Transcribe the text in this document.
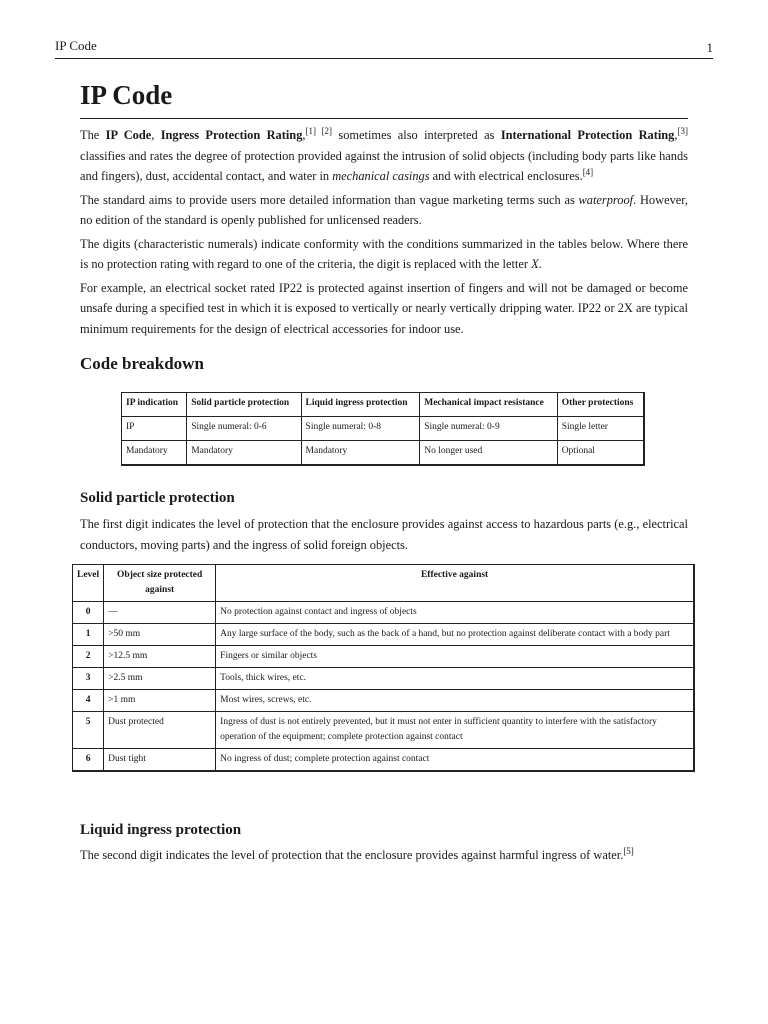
IP Code	1
IP Code

The IP Code, Ingress Protection Rating,[1] [2] sometimes also interpreted as International Protection Rating,[3] classifies and rates the degree of protection provided against the intrusion of solid objects (including body parts like hands and fingers), dust, accidental contact, and water in mechanical casings and with electrical enclosures.[4]

The standard aims to provide users more detailed information than vague marketing terms such as waterproof. However, no edition of the standard is openly published for unlicensed readers.

The digits (characteristic numerals) indicate conformity with the conditions summarized in the tables below. Where there is no protection rating with regard to one of the criteria, the digit is replaced with the letter X.

For example, an electrical socket rated IP22 is protected against insertion of fingers and will not be damaged or become unsafe during a specified test in which it is exposed to vertically or nearly vertically dripping water. IP22 or 2X are typical minimum requirements for the design of electrical accessories for indoor use.

Code breakdown
IP indication	Solid particle protection	Liquid ingress protection	Mechanical impact resistance	Other protections
IP	Single numeral: 0-6	Single numeral: 0-8	Single numeral: 0-9	Single letter
Mandatory	Mandatory	Mandatory	No longer used	Optional
Solid particle protection

The first digit indicates the level of protection that the enclosure provides against access to hazardous parts (e.g., electrical conductors, moving parts) and the ingress of solid foreign objects.

Level	Object size protected against	Effective against
0	—	No protection against contact and ingress of objects
1	>50 mm	Any large surface of the body, such as the back of a hand, but no protection against deliberate contact with a body part
2	>12.5 mm	Fingers or similar objects
3	>2.5 mm	Tools, thick wires, etc.
4	>1 mm	Most wires, screws, etc.
5	Dust protected	Ingress of dust is not entirely prevented, but it must not enter in sufficient quantity to interfere with the satisfactory operation of the equipment; complete protection against contact
6	Dust tight	No ingress of dust; complete protection against contact
Liquid ingress protection

The second digit indicates the level of protection that the enclosure provides against harmful ingress of water.[5]
